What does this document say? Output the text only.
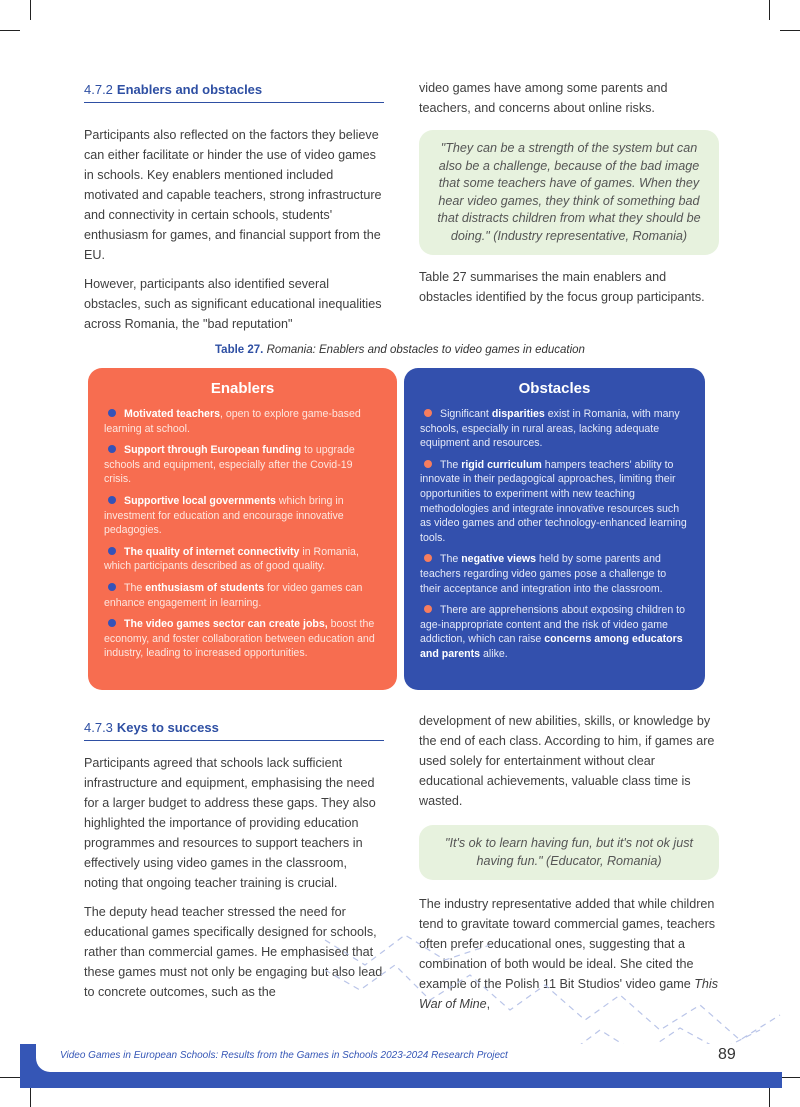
4.7.2 Enablers and obstacles

Participants also reflected on the factors they believe can either facilitate or hinder the use of video games in schools. Key enablers mentioned included motivated and capable teachers, strong infrastructure and connectivity in certain schools, students' enthusiasm for games, and financial support from the EU.

However, participants also identified several obstacles, such as significant educational inequalities across Romania, the "bad reputation"

video games have among some parents and teachers, and concerns about online risks.

"They can be a strength of the system but can also be a challenge, because of the bad image that some teachers have of games. When they hear video games, they think of something bad that distracts children from what they should be doing." (Industry representative, Romania)

Table 27 summarises the main enablers and obstacles identified by the focus group participants.

Table 27. Romania: Enablers and obstacles to video games in education
Enablers
Motivated teachers, open to explore game-based learning at school.
Support through European funding to upgrade schools and equipment, especially after the Covid-19 crisis.
Supportive local governments which bring in investment for education and encourage innovative pedagogies.
The quality of internet connectivity in Romania, which participants described as of good quality.
The enthusiasm of students for video games can enhance engagement in learning.
The video games sector can create jobs, boost the economy, and foster collaboration between education and industry, leading to increased opportunities.
Obstacles
Significant disparities exist in Romania, with many schools, especially in rural areas, lacking adequate equipment and resources.
The rigid curriculum hampers teachers' ability to innovate in their pedagogical approaches, limiting their opportunities to experiment with new teaching methodologies and integrate innovative resources such as video games and other technology-enhanced learning tools.
The negative views held by some parents and teachers regarding video games pose a challenge to their acceptance and integration into the classroom.
There are apprehensions about exposing children to age-inappropriate content and the risk of video game addiction, which can raise concerns among educators and parents alike.
4.7.3 Keys to success

Participants agreed that schools lack sufficient infrastructure and equipment, emphasising the need for a larger budget to address these gaps. They also highlighted the importance of providing education programmes and resources to support teachers in effectively using video games in the classroom, noting that ongoing teacher training is crucial.

The deputy head teacher stressed the need for educational games specifically designed for schools, rather than commercial games. He emphasised that these games must not only be engaging but also lead to concrete outcomes, such as the

development of new abilities, skills, or knowledge by the end of each class. According to him, if games are used solely for entertainment without clear educational achievements, valuable class time is wasted.

"It's ok to learn having fun, but it's not ok just having fun." (Educator, Romania)

The industry representative added that while children tend to gravitate toward commercial games, teachers often prefer educational ones, suggesting that a combination of both would be ideal. She cited the example of the Polish 11 Bit Studios' video game This War of Mine,

Video Games in European Schools: Results from the Games in Schools 2023-2024 Research Project	89
